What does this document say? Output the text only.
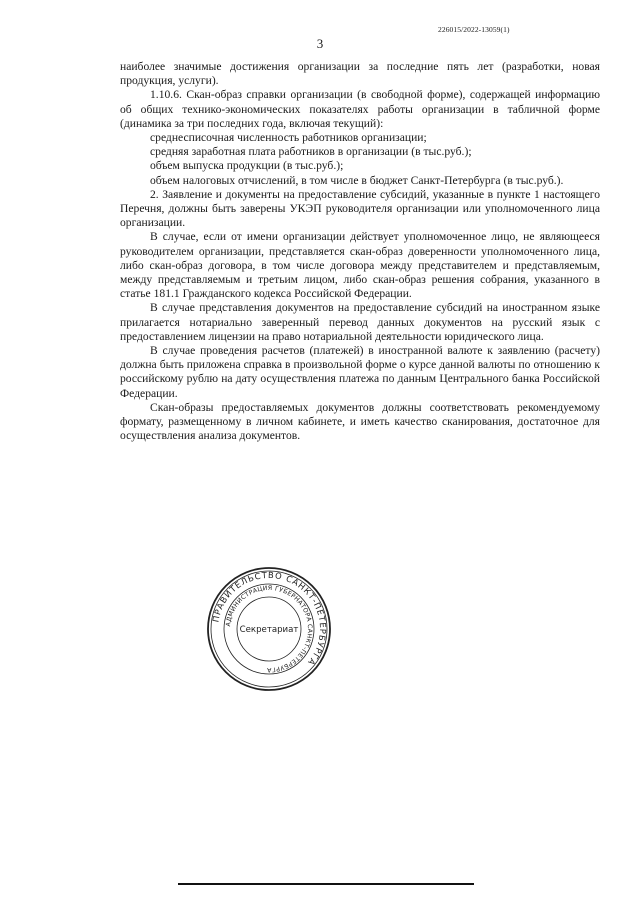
226015/2022-13059(1)
3

наиболее значимые достижения организации за последние пять лет (разработки, новая продукция, услуги).

1.10.6. Скан-образ справки организации (в свободной форме), содержащей информацию об общих технико-экономических показателях работы организации в табличной форме (динамика за три последних года, включая текущий):

среднесписочная численность работников организации;

средняя заработная плата работников в организации (в тыс.руб.);

объем выпуска продукции (в тыс.руб.);

объем налоговых отчислений, в том числе в бюджет Санкт-Петербурга (в тыс.руб.).

2. Заявление и документы на предоставление субсидий, указанные в пункте 1 настоящего Перечня, должны быть заверены УКЭП руководителя организации или уполномоченного лица организации.

В случае, если от имени организации действует уполномоченное лицо, не являющееся руководителем организации, представляется скан-образ доверенности уполномоченного лица, либо скан-образ договора, в том числе договора между представителем и представляемым, между представляемым и третьим лицом, либо скан-образ решения собрания, указанного в статье 181.1 Гражданского кодекса Российской Федерации.

В случае представления документов на предоставление субсидий на иностранном языке прилагается нотариально заверенный перевод данных документов на русский язык с предоставлением лицензии на право нотариальной деятельности юридического лица.

В случае проведения расчетов (платежей) в иностранной валюте к заявлению (расчету) должна быть приложена справка в произвольной форме о курсе данной валюты по отношению к российскому рублю на дату осуществления платежа по данным Центрального банка Российской Федерации.

Скан-образы предоставляемых документов должны соответствовать рекомендуемому формату, размещенному в личном кабинете, и иметь качество сканирования, достаточное для осуществления анализа документов.

ПРАВИТЕЛЬСТВО САНКТ-ПЕТЕРБУРГА
АДМИНИСТРАЦИЯ ГУБЕРНАТОРА САНКТ-ПЕТЕРБУРГА
Секретариат
